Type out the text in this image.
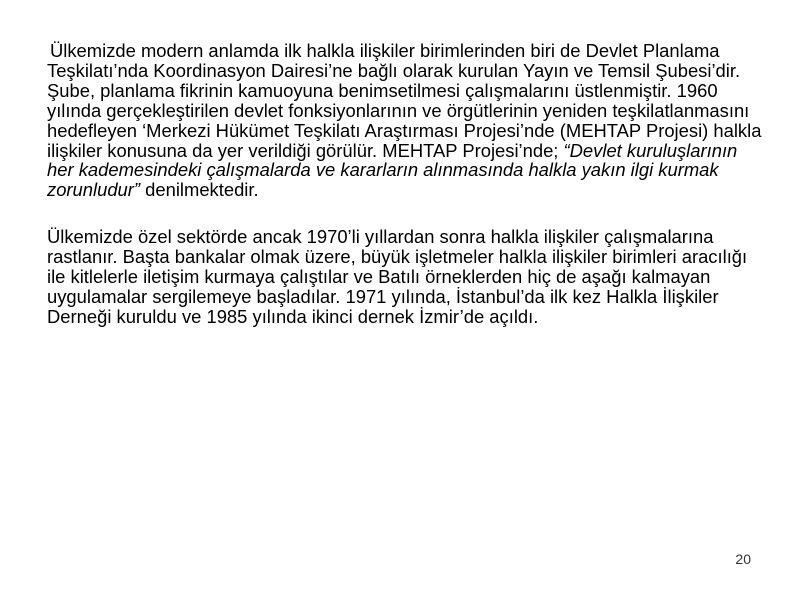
Ülkemizde modern anlamda ilk halkla ilişkiler birimlerinden biri de Devlet Planlama Teşkilatı’nda Koordinasyon Dairesi’ne bağlı olarak kurulan Yayın ve Temsil Şubesi’dir. Şube, planlama fikrinin kamuoyuna benimsetilmesi çalışmalarını üstlenmiştir. 1960 yılında gerçekleştirilen devlet fonksiyonlarının ve örgütlerinin yeniden teşkilatlanmasını hedefleyen ‘Merkezi Hükümet Teşkilatı Araştırması Projesi’nde (MEHTAP Projesi) halkla ilişkiler konusuna da yer verildiği görülür. MEHTAP Projesi’nde; “Devlet kuruluşlarının her kademesindeki çalışmalarda ve kararların alınmasında halkla yakın ilgi kurmak zorunludur” denilmektedir.

Ülkemizde özel sektörde ancak 1970’li yıllardan sonra halkla ilişkiler çalışmalarına rastlanır. Başta bankalar olmak üzere, büyük işletmeler halkla ilişkiler birimleri aracılığı ile kitlelerle iletişim kurmaya çalıştılar ve Batılı örneklerden hiç de aşağı kalmayan uygulamalar sergilemeye başladılar. 1971 yılında, İstanbul’da ilk kez Halkla İlişkiler Derneği kuruldu ve 1985 yılında ikinci dernek İzmir’de açıldı.

20
